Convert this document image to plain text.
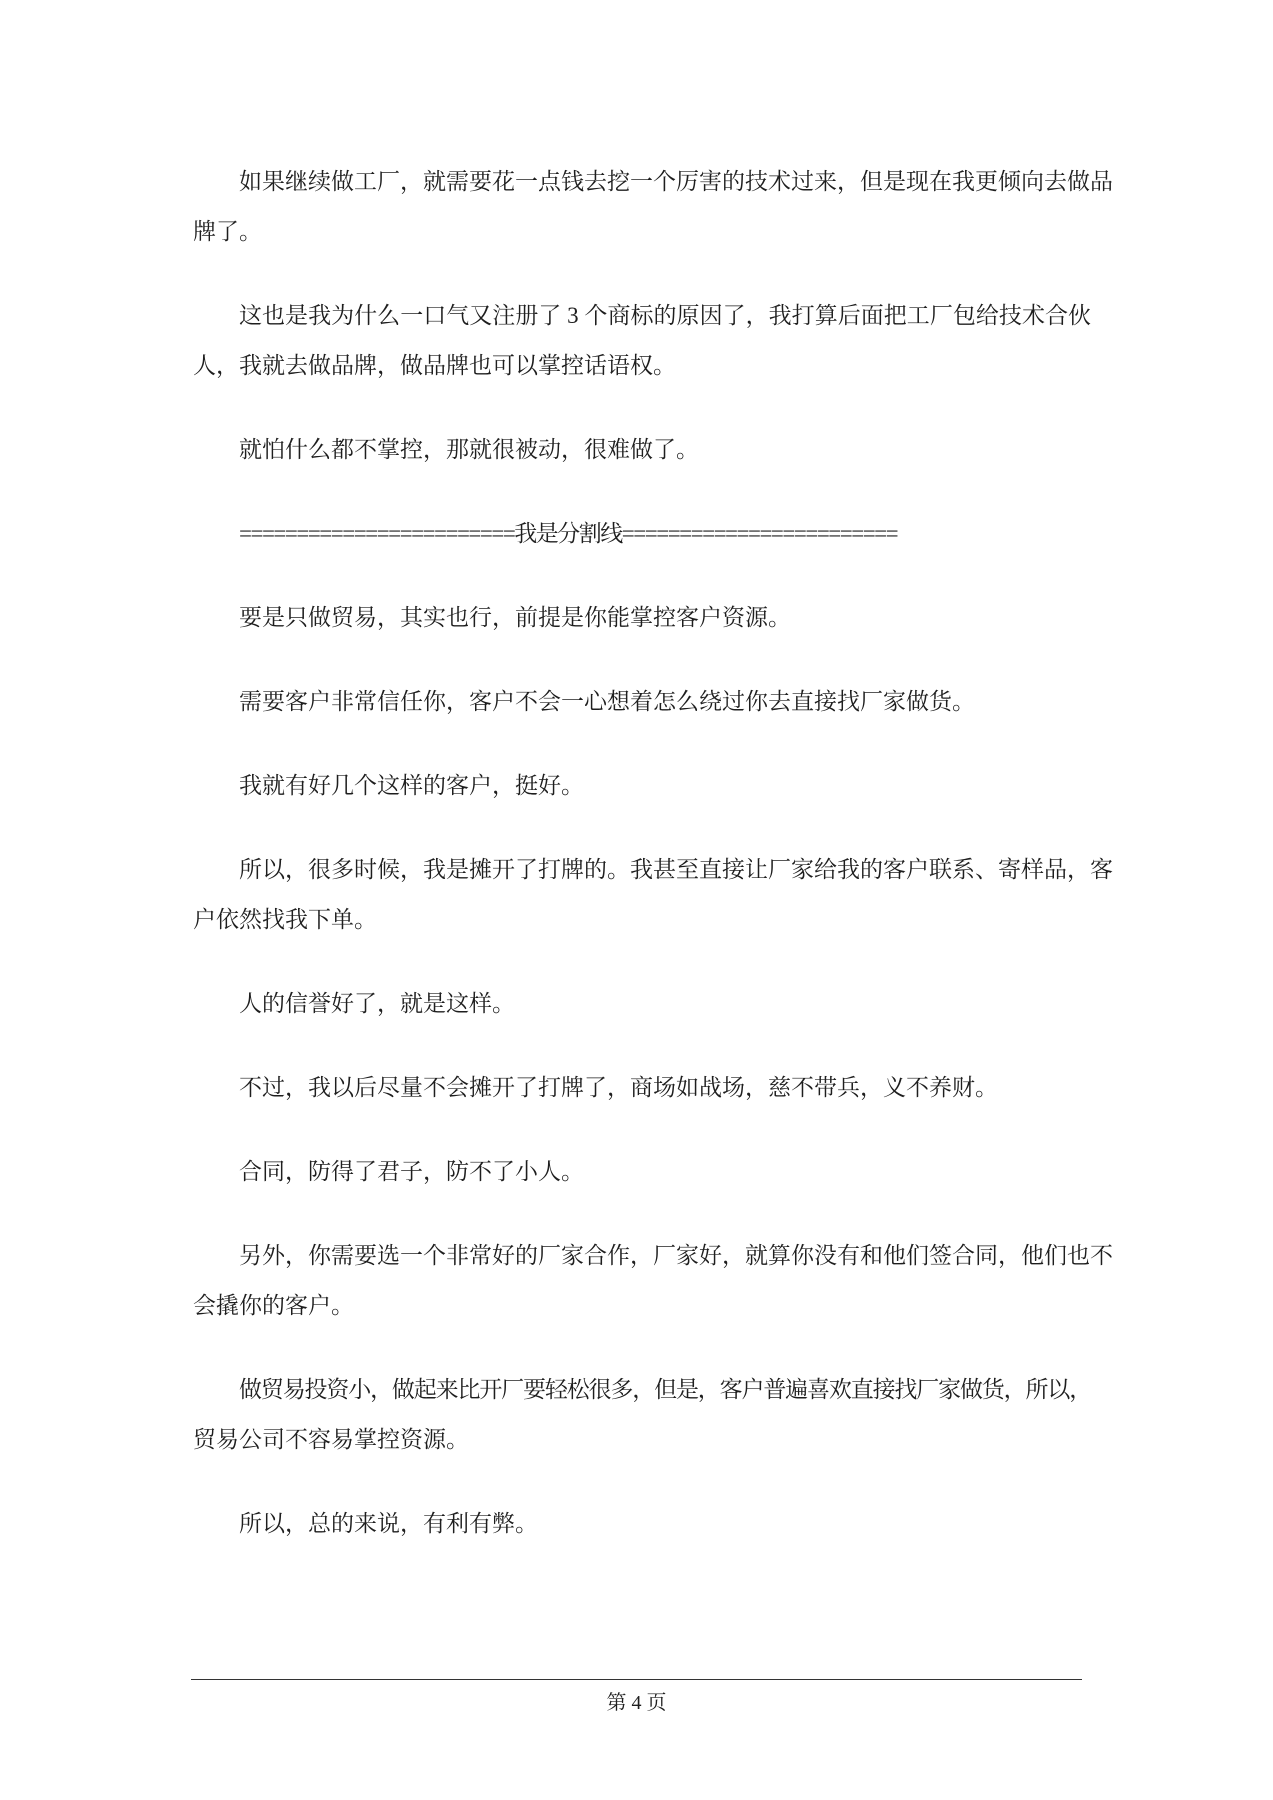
如果继续做工厂，就需要花一点钱去挖一个厉害的技术过来，但是现在我更倾向去做品
牌了。

这也是我为什么一口气又注册了 3 个商标的原因了，我打算后面把工厂包给技术合伙
人，我就去做品牌，做品牌也可以掌控话语权。

就怕什么都不掌控，那就很被动，很难做了。

========================我是分割线========================

要是只做贸易，其实也行，前提是你能掌控客户资源。

需要客户非常信任你，客户不会一心想着怎么绕过你去直接找厂家做货。

我就有好几个这样的客户，挺好。

所以，很多时候，我是摊开了打牌的。我甚至直接让厂家给我的客户联系、寄样品，客
户依然找我下单。

人的信誉好了，就是这样。

不过，我以后尽量不会摊开了打牌了，商场如战场，慈不带兵，义不养财。

合同，防得了君子，防不了小人。

另外，你需要选一个非常好的厂家合作，厂家好，就算你没有和他们签合同，他们也不
会撬你的客户。

做贸易投资小，做起来比开厂要轻松很多，但是，客户普遍喜欢直接找厂家做货，所以，
贸易公司不容易掌控资源。

所以，总的来说，有利有弊。

第 4 页
